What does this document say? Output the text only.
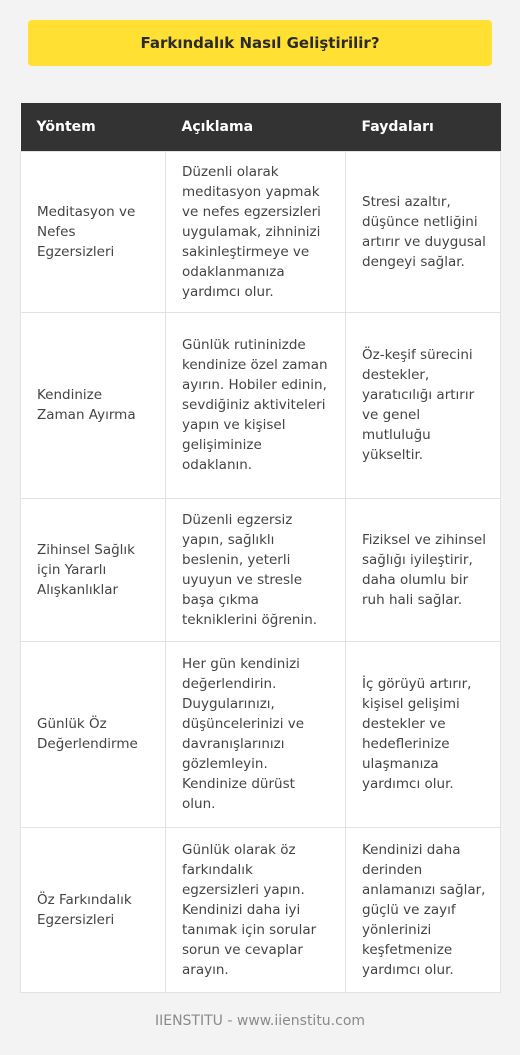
Farkındalık Nasıl Geliştirilir?
Yöntem	Açıklama	Faydaları
Meditasyon ve Nefes Egzersizleri	Düzenli olarak meditasyon yapmak ve nefes egzersizleri uygulamak, zihninizi sakinleştirmeye ve odaklanmanıza yardımcı olur.	Stresi azaltır, düşünce netliğini artırır ve duygusal dengeyi sağlar.
Kendinize Zaman Ayırma	Günlük rutininizde kendinize özel zaman ayırın. Hobiler edinin, sevdiğiniz aktiviteleri yapın ve kişisel gelişiminize odaklanın.	Öz-keşif sürecini destekler, yaratıcılığı artırır ve genel mutluluğu yükseltir.
Zihinsel Sağlık için Yararlı Alışkanlıklar	Düzenli egzersiz yapın, sağlıklı beslenin, yeterli uyuyun ve stresle başa çıkma tekniklerini öğrenin.	Fiziksel ve zihinsel sağlığı iyileştirir, daha olumlu bir ruh hali sağlar.
Günlük Öz Değerlendirme	Her gün kendinizi değerlendirin. Duygularınızı, düşüncelerinizi ve davranışlarınızı gözlemleyin. Kendinize dürüst olun.	İç görüyü artırır, kişisel gelişimi destekler ve hedeflerinize ulaşmanıza yardımcı olur.
Öz Farkındalık Egzersizleri	Günlük olarak öz farkındalık egzersizleri yapın. Kendinizi daha iyi tanımak için sorular sorun ve cevaplar arayın.	Kendinizi daha derinden anlamanızı sağlar, güçlü ve zayıf yönlerinizi keşfetmenize yardımcı olur.
IIENSTITU - www.iienstitu.com
